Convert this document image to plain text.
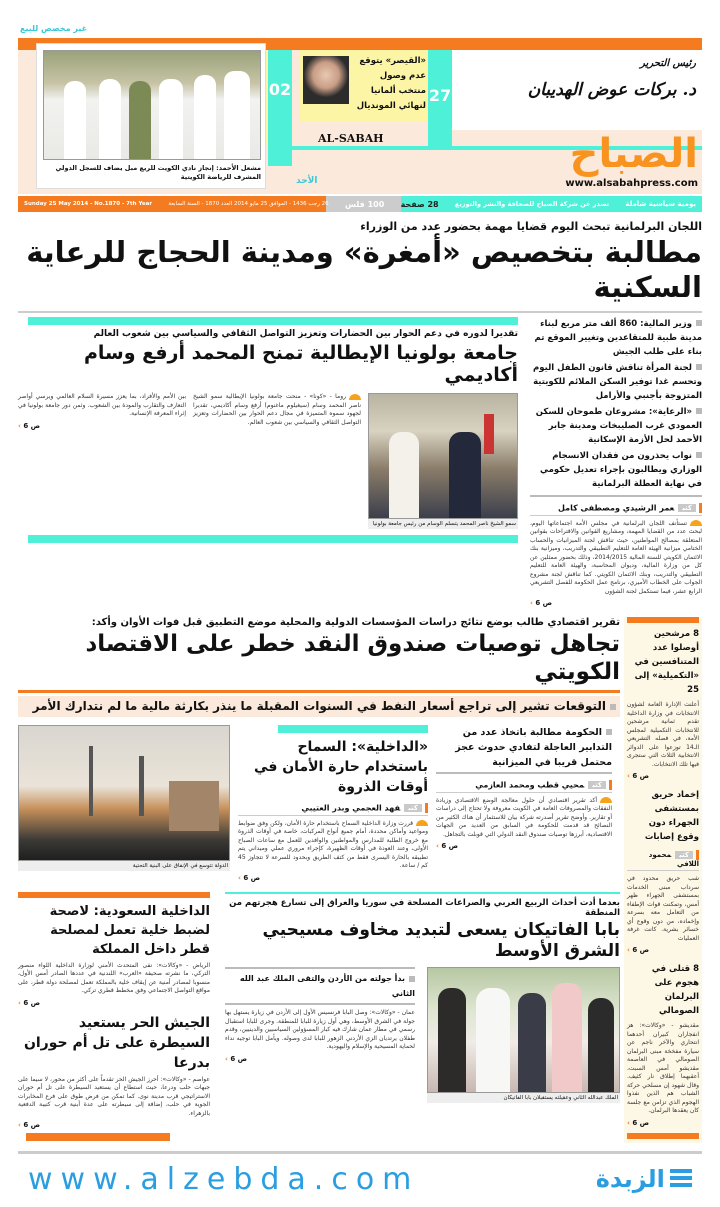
غير مخصص للبيع
مشعل الأحمد: إنجاز نادي الكويت للريع مبل يضاف للسجل الدولي المشرف للرياضة الكويتية
02
«القيصر» يتوقع عدم وصول منتخب ألمانيا لنهائي المونديال
27
رئيس التحرير
د. بركات عوض الهديبان
AL-SABAH	الصباح
www.alsabahpress.com
الأحد
Sunday 25 May 2014 - No.1870 - 7th Year	26 رجب 1436 - الموافق 25 مايو 2014 العدد 1870 - السنة السابعة 100 فلس 28 صفحة	تصدر عن شركة الصباح للصحافة والنشر والتوزيع يومية سياسية شاملة
اللجان البرلمانية تبحث اليوم قضايا مهمة بحضور عدد من الوزراء
مطالبة بتخصيص «أمغرة» ومدينة الحجاج للرعاية السكنية
تقديرا لدوره في دعم الحوار بين الحضارات وتعزيز التواصل الثقافي والسياسي بين شعوب العالم
جامعة بولونيا الإيطالية تمنح المحمد أرفع وسام أكاديمي
بين الأمم والأفراد، بما يعزز مسيرة السلام العالمي ويرسي أواصر التعارف والتقارب والمودة بين الشعوب. وثمن دور جامعة بولونيا في إثراء المعرفة الإنسانية.
‹ ص 6
روما - «كونا» - منحت جامعة بولونيا الإيطالية سمو الشيخ ناصر المحمد وسام (سيغيلوم ماغنوم) أرفع وسام أكاديمي، تقديرا لجهود سموه المتميزة في مجال دعم الحوار بين الحضارات وتعزيز التواصل الثقافي والسياسي بين شعوب العالم.
سمو الشيخ ناصر المحمد يتسلم الوسام من رئيس جامعة بولونيا
وزير المالية: 860 ألف متر مربع لبناء مدينة طبية للمتقاعدين وتغيير الموقع تم بناء على طلب الجيش
لجنة المرأة تناقش قانون الطفل اليوم وتحسم غدا توفير السكن الملائم للكويتية المتزوجة بأجنبي والأرامل
«الرعاية»: مشروعان طموحان للسكن العمودي غرب الصليبخات ومدينة جابر الأحمد لحل الأزمة الإسكانية
نواب يحذرون من فقدان الانسجام الوزاري ويطالبون بإجراء تعديل حكومي في نهاية العطلة البرلمانية
كتبعمر الرشيدي ومصطفى كامل
تستأنف اللجان البرلمانية في مجلس الأمة اجتماعاتها اليوم، لبحث عدد من القضايا المهمة، ومشاريع القوانين والاقتراحات بقوانين المتعلقة بمصالح المواطنين، حيث تناقش لجنة الميزانيات والحساب الختامي ميزانية الهيئة العامة للتعليم التطبيقي والتدريب، وميزانية بنك الائتمان الكويتي للسنة المالية 2014/2015، وذلك بحضور ممثلين عن كل من وزارة المالية، وديوان المحاسبة، والهيئة العامة للتعليم التطبيقي والتدريب، وبنك الائتمان الكويتي. كما تناقش لجنة مشروع الجواب على الخطاب الأميري، برنامج عمل الحكومة للفصل التشريعي الرابع عشر، فيما تستكمل لجنة الشؤون
‹ ص 6
تقرير اقتصادي طالب بوضع نتائج دراسات المؤسسات الدولية والمحلية موضع التطبيق قبل فوات الأوان وأكد:
تجاهل توصيات صندوق النقد خطر على الاقتصاد الكويتي
التوقعات تشير إلى تراجع أسعار النفط في السنوات المقبلة ما ينذر بكارثة مالية ما لم نتدارك الأمر
الدولة تتوسع في الإنفاق على البنية التحتية
«الداخلية»: السماح باستخدام حارة الأمان في أوقات الذروة
كتبفهد العجمي وبدر العتيبي
قررت وزارة الداخلية السماح باستخدام حارة الأمان، ولكن وفق ضوابط ومواعيد وأماكن محددة، أمام جميع أنواع المركبات، خاصة في أوقات الذروة مع خروج الطلبة للمدارس والمواطنين والوافدين للعمل مع ساعات الصباح الأولى، وعند العودة في أوقات الظهيرة، كإجراء مروري عملي وميداني يتم تطبيقه بالحارة اليسرى فقط من كتف الطريق وبحدود للسرعة لا تتجاوز 45 كم / ساعة.
‹ ص 6
الحكومة مطالبة باتخاذ عدد من التدابير العاجلة لتفادي حدوث عجز محتمل قريبا في الميزانية
كتبمحيي قطب ومحمد العازمي
أكد تقرير اقتصادي أن حلول معالجة الوضع الاقتصادي وزيادة النفقات والمصروفات العامة في الكويت معروفة ولا تحتاج إلى دراسات أو تقارير. وأوضح تقرير أصدرته شركة بيان للاستثمار أن هناك الكثير من النصائح قد قدمت للحكومة في السابق من العديد من الجهات الاقتصادية، أبرزها توصيات صندوق النقد الدولي التي قوبلت بالتجاهل.
‹ ص 6
الداخلية السعودية: لاصحة لضبط خلية تعمل لمصلحة قطر داخل المملكة
الرياض - «وكالات»: نفى المتحدث الأمني لوزارة الداخلية اللواء منصور التركي، ما نشرته صحيفة «العرب» اللندنية في عددها الصادر أمس الأول، منسوبا لمصادر أمنية عن إيقاف خلية بالمملكة تعمل لمصلحة دولة قطر، على مواقع التواصل الاجتماعي وفق مخطط قطري تركي.
‹ ص 6
الجيش الحر يستعيد السيطرة على تل أم حوران بدرعا
عواصم - «وكالات»: أحرز الجيش الحر تقدماً على أكثر من محور، لا سيما على جبهات حلب ودرعا، حيث استطاع أن يستعيد السيطرة على تل أم حوران الاستراتيجي قرب مدينة نوى. كما تمكن من فرض طوق على فرع المخابرات الجوية في حلب، إضافة إلى سيطرته على عدة أبنية قرب كتيبة الدفعية بالزهراء.
‹ ص 6
بعدما أدت أحداث الربيع العربي والصراعات المسلحة في سوريا والعراق إلى تسارع هجرتهم من المنطقة
بابا الفاتيكان يسعى لتبديد مخاوف مسيحيي الشرق الأوسط
بدأ جولته من الأردن والتقى الملك عبد الله الثاني
عمان - «وكالات»: وصل البابا فرنسيس الأول إلى الأردن في زيارة يستهل بها جولة في الشرق الأوسط، وهي أول زيارة للبابا للمنطقة. وجرى للبابا استقبال رسمي في مطار عمان شارك فيه كبار المسؤولين السياسيين والدينيين، وقدم طفلان يرتديان الزي الأردني الزهور للبابا لدى وصوله. ويأمل البابا توجيه نداء لحماية المسيحية والإسلام واليهودية.
‹ ص 6
الملك عبدالله الثاني وعقيلته يستقبلان بابا الفاتيكان
8 مرشحين أوصلوا عدد المتنافسين في «التكميلية» إلى 25
أعلنت الإدارة العامة لشؤون الانتخابات في وزارة الداخلية تقدم ثمانية مرشحين للانتخابات التكميلية لمجلس الأمة، في فصله التشريعي الـ14 توزعوا على الدوائر الانتخابية الثلاث التي ستجرى فيها تلك الانتخابات.
‹ ص 6
إخماد حريق بمستشفى الجهراء دون وقوع إصابات
كتبمحمود اللافي
شب حريق محدود في سرداب مبنى الخدمات بمستشفى الجهراء ظهر أمس، وتمكنت قوات الإطفاء من التعامل معه بسرعة وإخماده، من دون وقوع أي خسائر بشرية. كانت غرفة العمليات
‹ ص 6
8 قتلى في هجوم على البرلمان الصومالي
مقديشو - «وكالات»: هز انفجاران كبيران أحدهما انتحاري والآخر ناجم عن سيارة مفخخة مبنى البرلمان الصومالي في العاصمة مقديشو أمس السبت، أعقبهما إطلاق نار كثيف. وقال شهود إن مسلحي حركة الشباب هم الذين نفذوا الهجوم الذي تزامن مع جلسة كان يعقدها البرلمان.
‹ ص 6
www.alzebda.com	الزبدة
